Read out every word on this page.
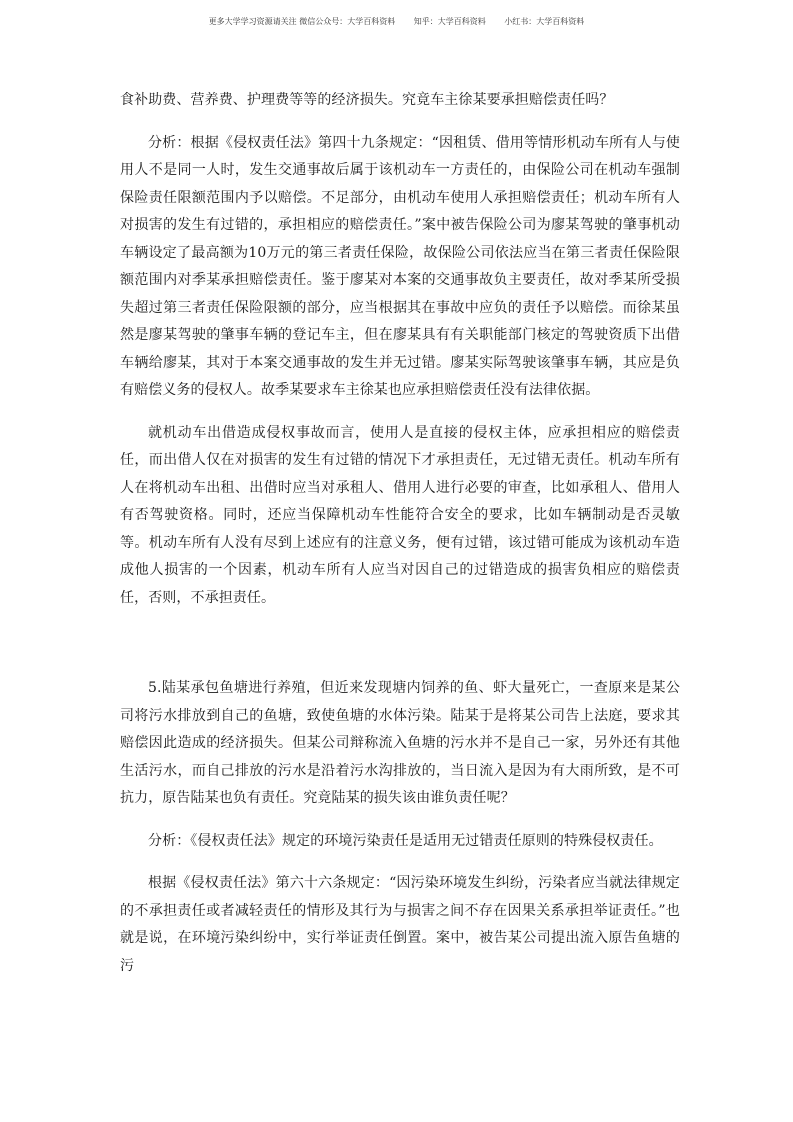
更多大学学习资源请关注 微信公众号：大学百科资料 知乎：大学百科资料 小红书：大学百科资料

食补助费、营养费、护理费等等的经济损失。究竟车主徐某要承担赔偿责任吗？

分析：根据《侵权责任法》第四十九条规定：“因租赁、借用等情形机动车所有人与使用人不是同一人时，发生交通事故后属于该机动车一方责任的，由保险公司在机动车强制保险责任限额范围内予以赔偿。不足部分，由机动车使用人承担赔偿责任；机动车所有人对损害的发生有过错的，承担相应的赔偿责任。”案中被告保险公司为廖某驾驶的肇事机动车辆设定了最高额为10万元的第三者责任保险，故保险公司依法应当在第三者责任保险限额范围内对季某承担赔偿责任。鉴于廖某对本案的交通事故负主要责任，故对季某所受损失超过第三者责任保险限额的部分，应当根据其在事故中应负的责任予以赔偿。而徐某虽然是廖某驾驶的肇事车辆的登记车主，但在廖某具有有关职能部门核定的驾驶资质下出借车辆给廖某，其对于本案交通事故的发生并无过错。廖某实际驾驶该肇事车辆，其应是负有赔偿义务的侵权人。故季某要求车主徐某也应承担赔偿责任没有法律依据。

就机动车出借造成侵权事故而言，使用人是直接的侵权主体，应承担相应的赔偿责任，而出借人仅在对损害的发生有过错的情况下才承担责任，无过错无责任。机动车所有人在将机动车出租、出借时应当对承租人、借用人进行必要的审查，比如承租人、借用人有否驾驶资格。同时，还应当保障机动车性能符合安全的要求，比如车辆制动是否灵敏等。机动车所有人没有尽到上述应有的注意义务，便有过错，该过错可能成为该机动车造成他人损害的一个因素，机动车所有人应当对因自己的过错造成的损害负相应的赔偿责任，否则，不承担责任。

5.陆某承包鱼塘进行养殖，但近来发现塘内饲养的鱼、虾大量死亡，一查原来是某公司将污水排放到自己的鱼塘，致使鱼塘的水体污染。陆某于是将某公司告上法庭，要求其赔偿因此造成的经济损失。但某公司辩称流入鱼塘的污水并不是自己一家，另外还有其他生活污水，而自己排放的污水是沿着污水沟排放的，当日流入是因为有大雨所致，是不可抗力，原告陆某也负有责任。究竟陆某的损失该由谁负责任呢？

分析：《侵权责任法》规定的环境污染责任是适用无过错责任原则的特殊侵权责任。

根据《侵权责任法》第六十六条规定：“因污染环境发生纠纷，污染者应当就法律规定的不承担责任或者减轻责任的情形及其行为与损害之间不存在因果关系承担举证责任。”也就是说，在环境污染纠纷中，实行举证责任倒置。案中，被告某公司提出流入原告鱼塘的污
